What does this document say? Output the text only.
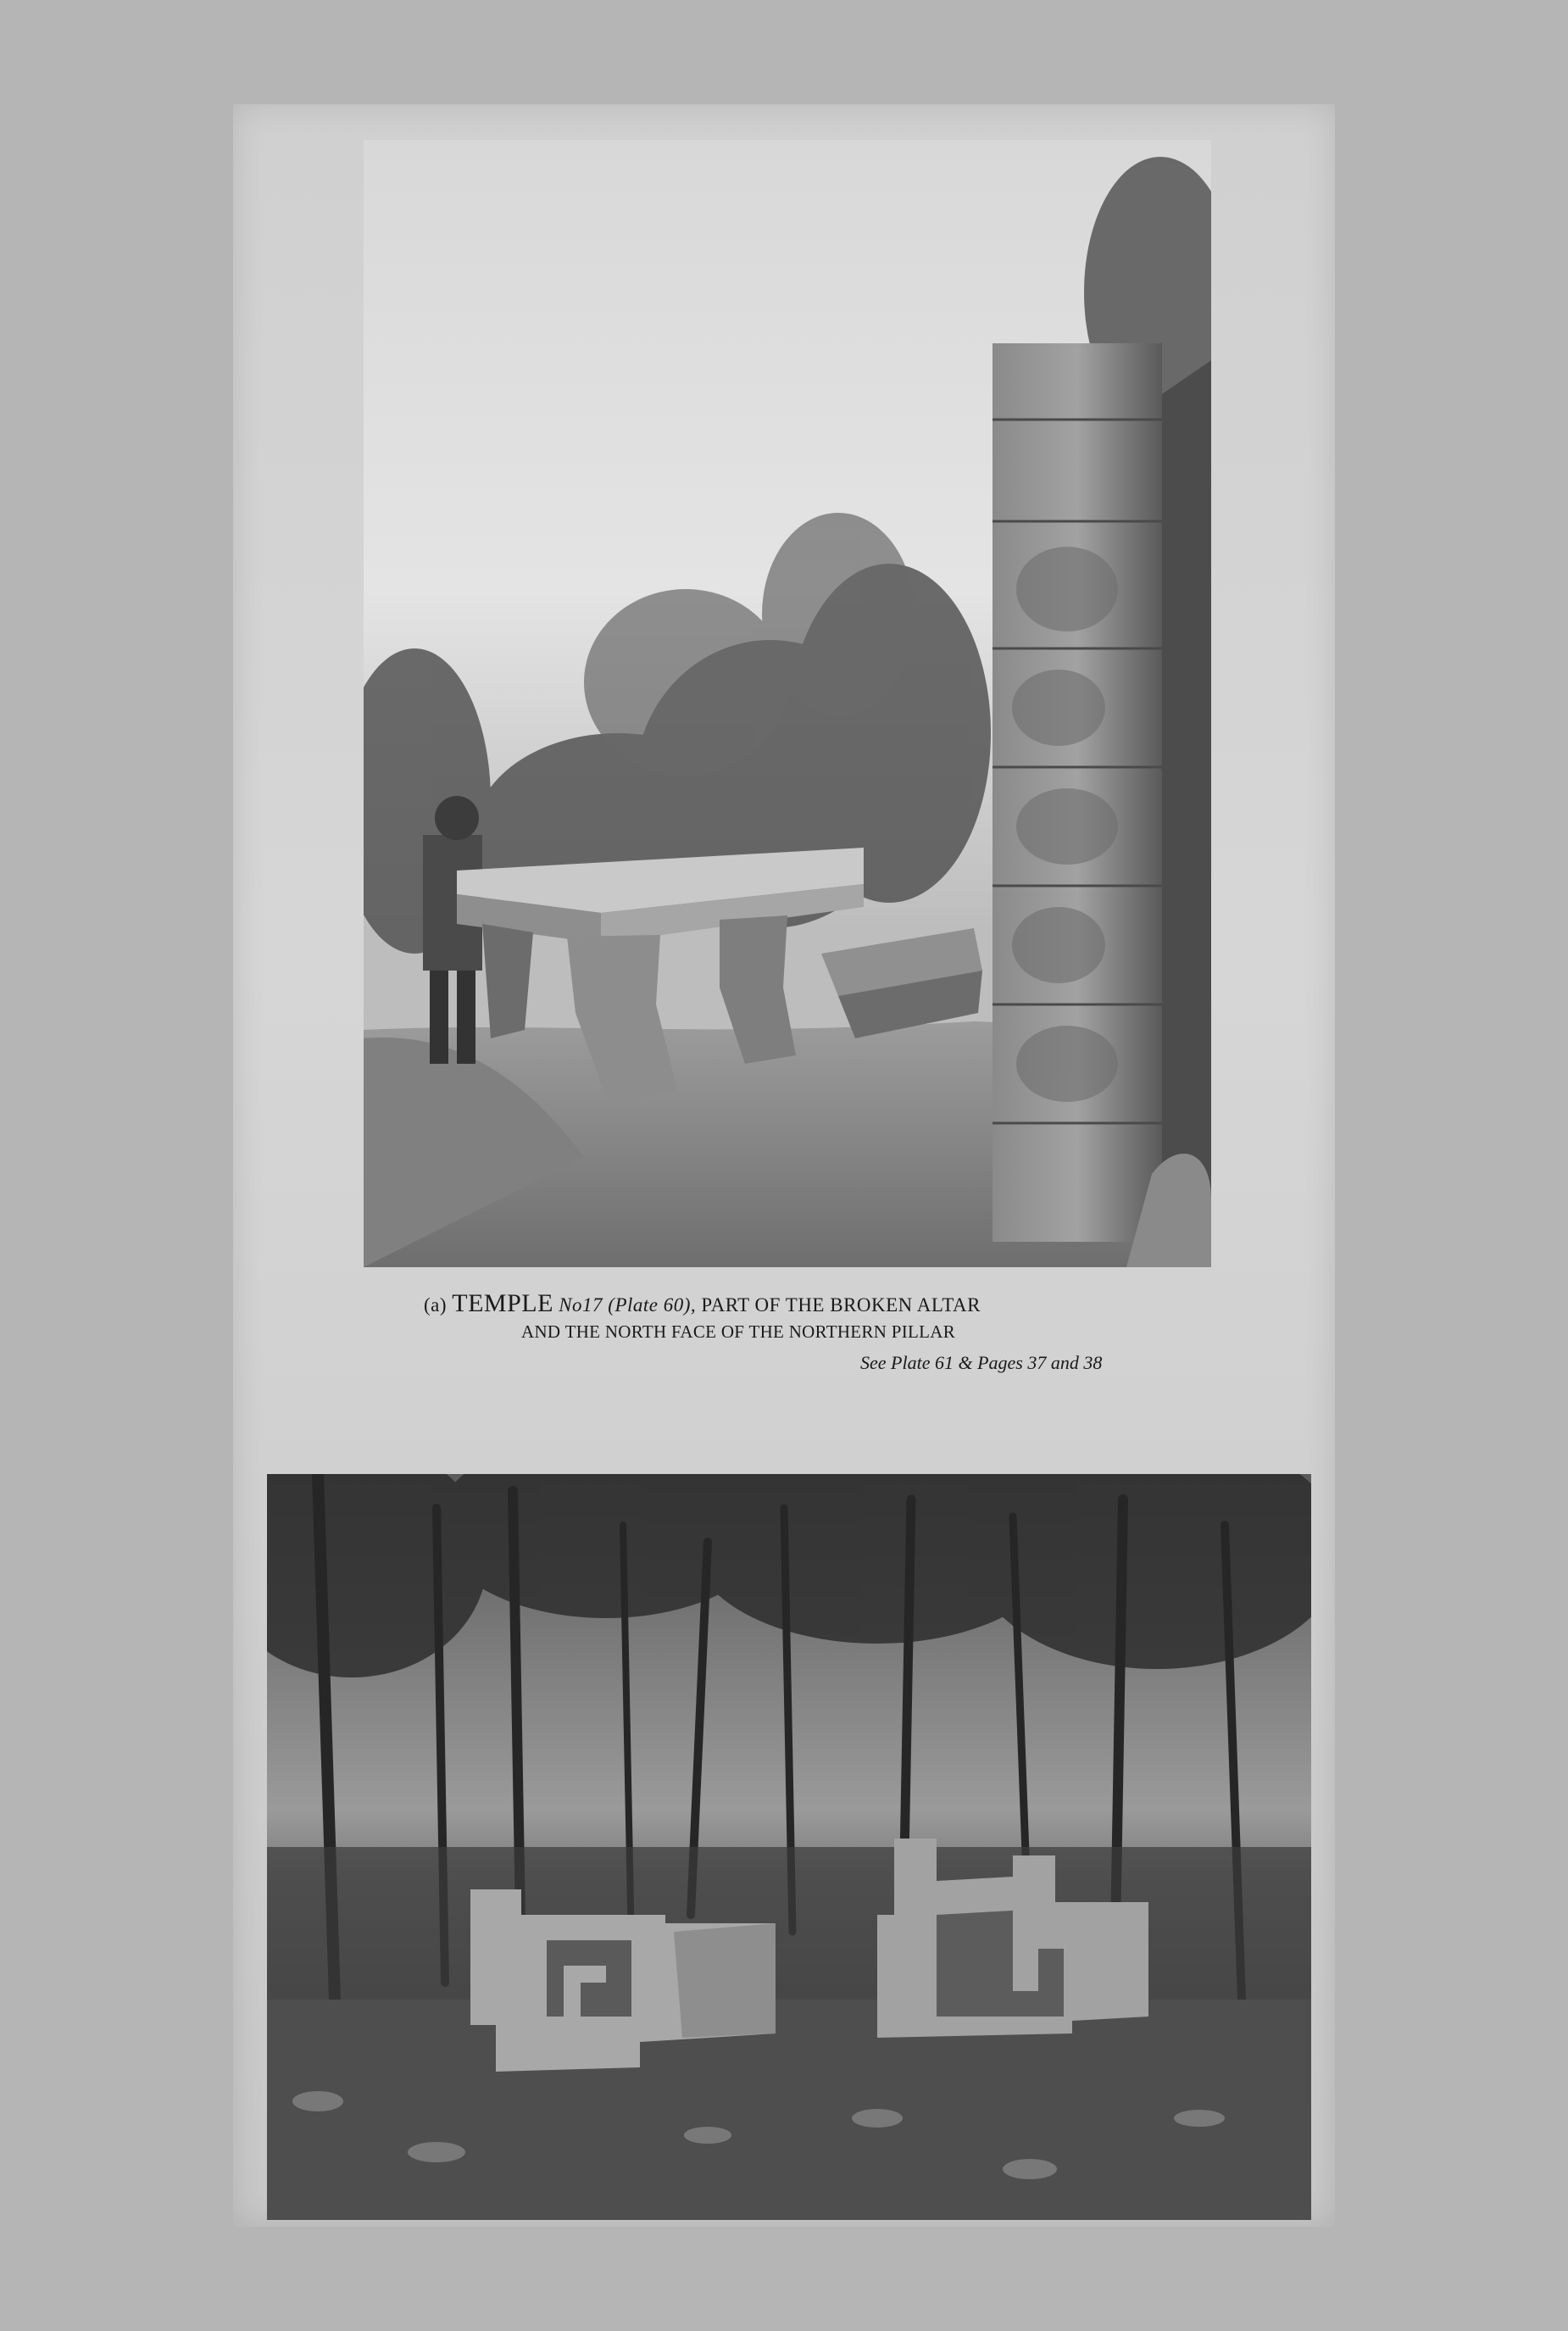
(a) TEMPLE No17 (Plate 60), PART OF THE BROKEN ALTAR
AND THE NORTH FACE OF THE NORTHERN PILLAR
See Plate 61 & Pages 37 and 38
